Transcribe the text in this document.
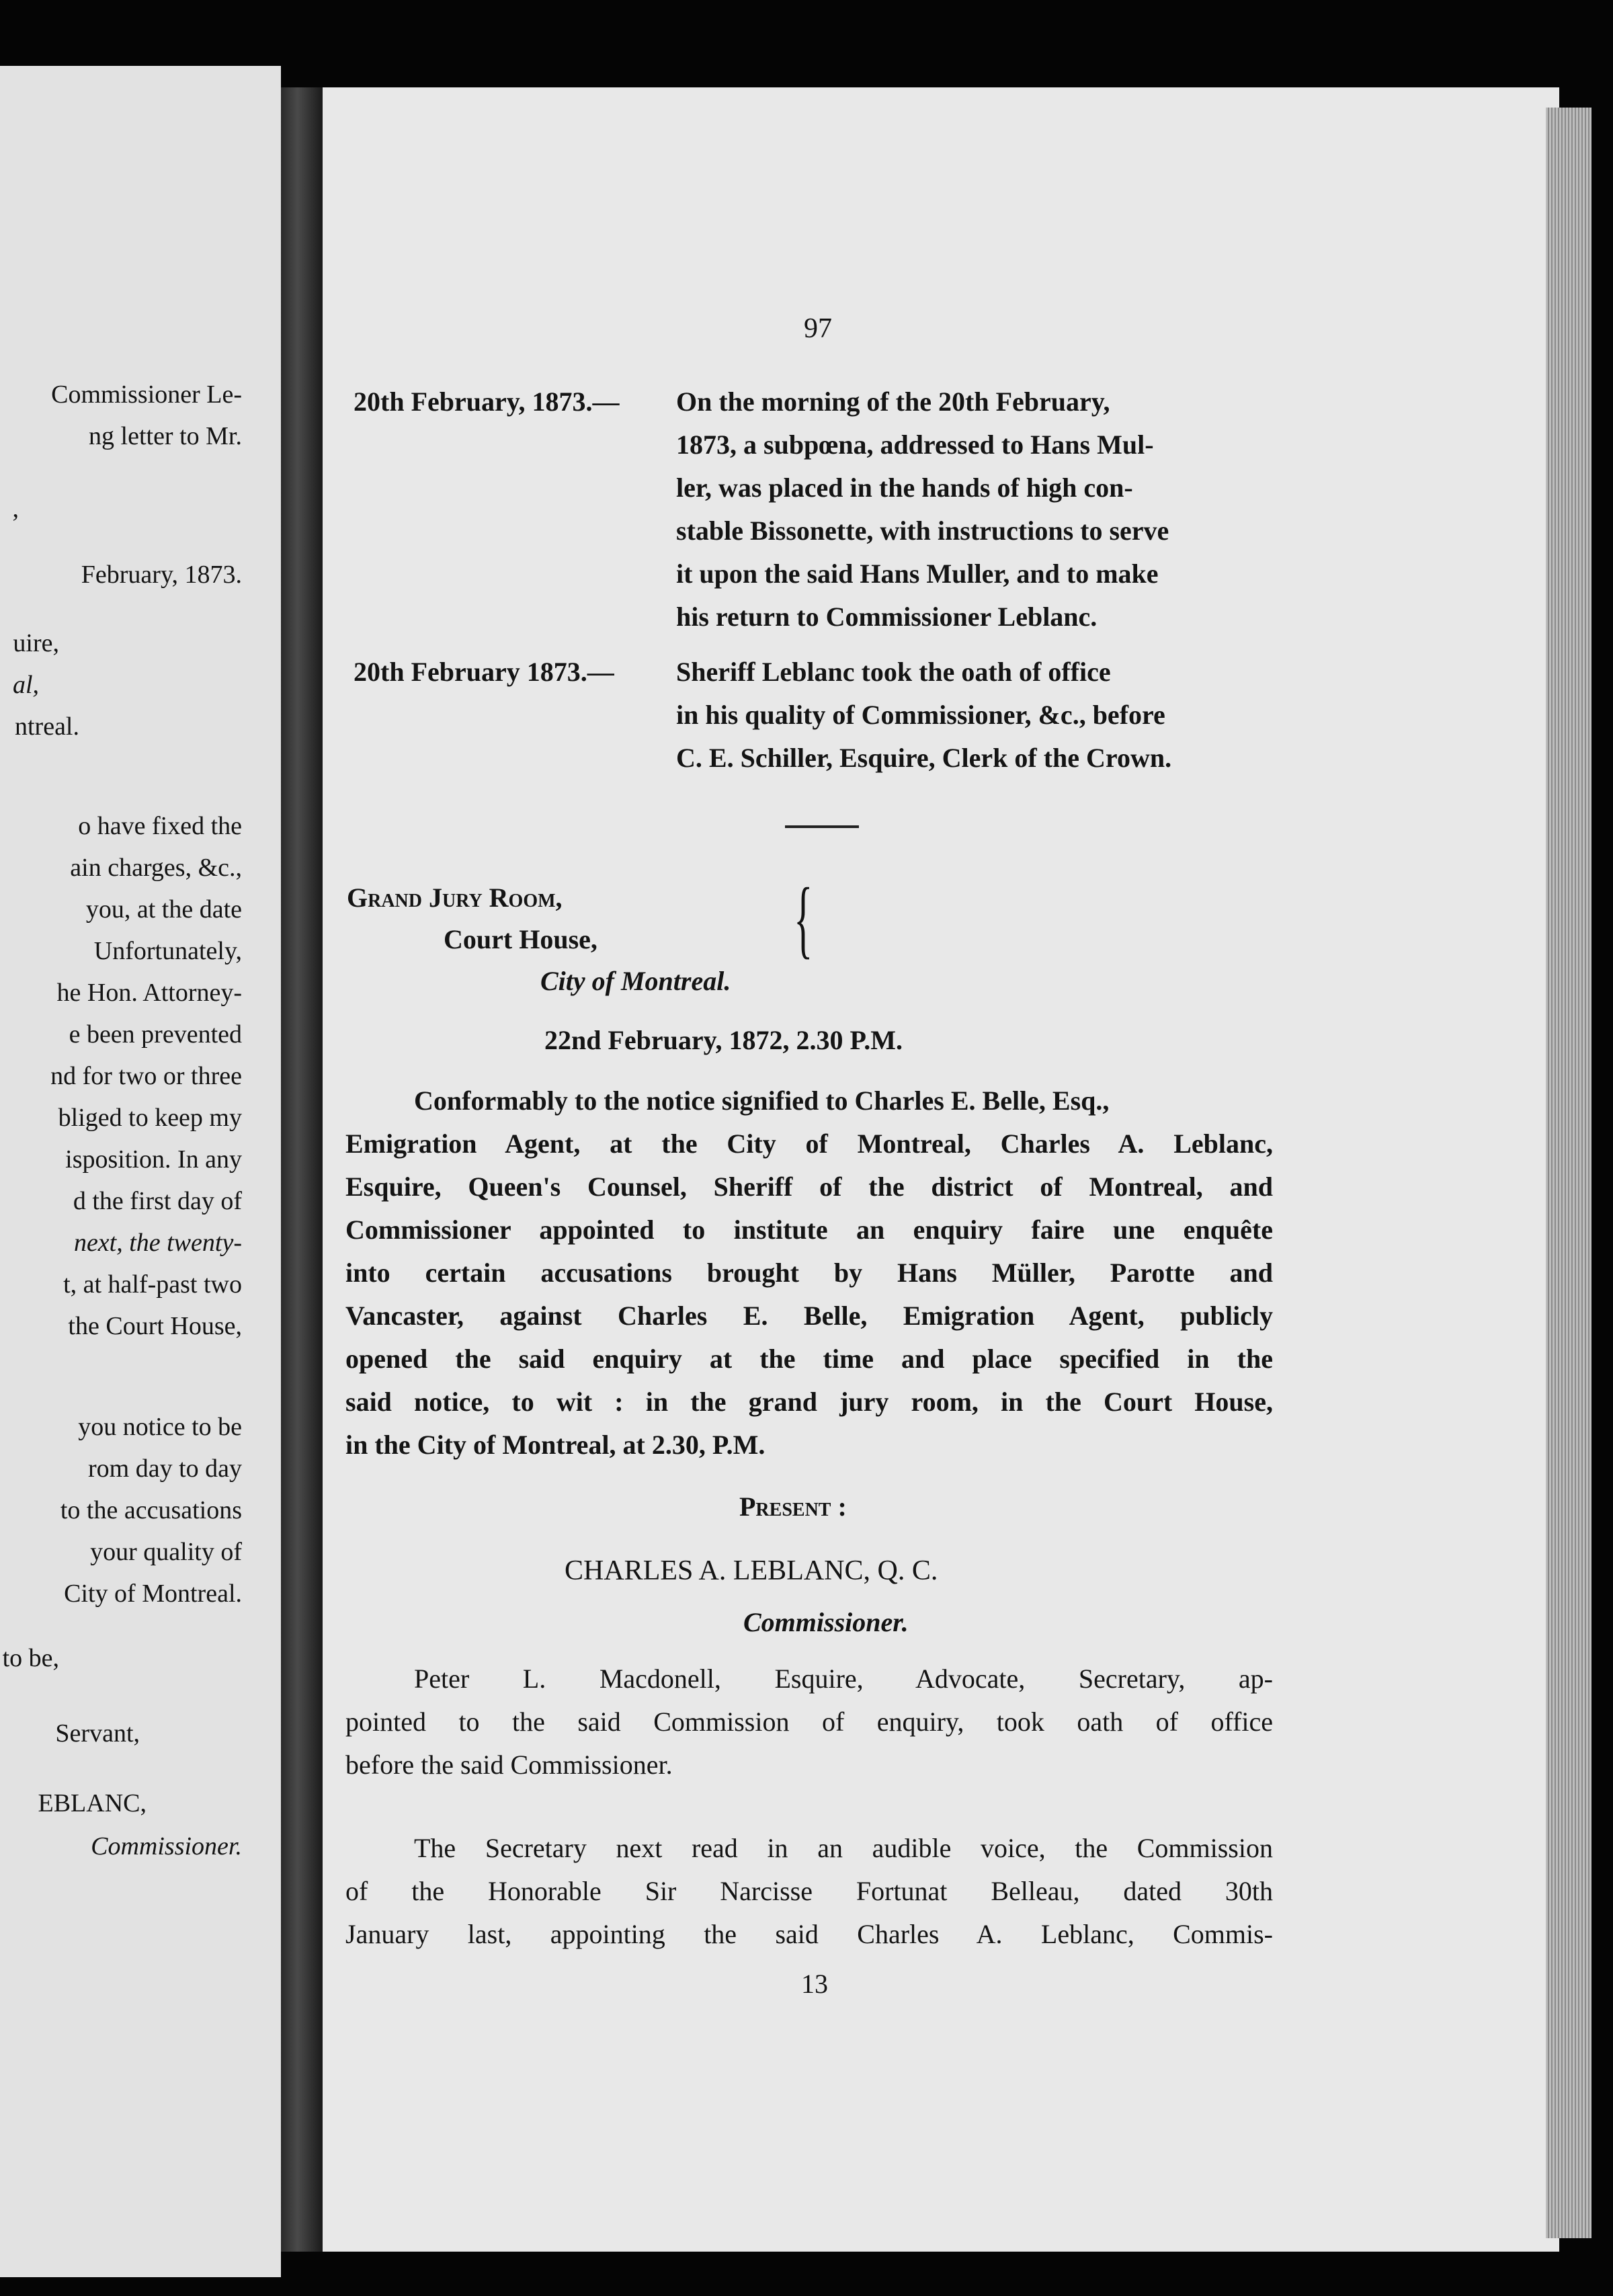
Commissioner Le-
ng letter to Mr.
,
February, 1873.
uire,
al,
ntreal.
o have fixed the
ain charges, &c.,
you, at the date
Unfortunately,
he Hon. Attorney-
e been prevented
nd for two or three
bliged to keep my
isposition. In any
d the first day of
next, the twenty-
t, at half-past two
the Court House,
you notice to be
rom day to day
to the accusations
your quality of
City of Montreal.
to be,
Servant,
EBLANC,
Commissioner.
97
20th February, 1873.— On the morning of the 20th February,
1873, a subpœna, addressed to Hans Mul-
ler, was placed in the hands of high con-
stable Bissonette, with instructions to serve
it upon the said Hans Muller, and to make
his return to Commissioner Leblanc.
20th February 1873.— Sheriff Leblanc took the oath of office
in his quality of Commissioner, &c., before
C. E. Schiller, Esquire, Clerk of the Crown.
Grand Jury Room,
Court House,
City of Montreal.
{
22nd February, 1872, 2.30 P.M.
Conformably to the notice signified to Charles E. Belle, Esq.,
Emigration Agent, at the City of Montreal, Charles A. Leblanc,
Esquire, Queen's Counsel, Sheriff of the district of Montreal, and
Commissioner appointed to institute an enquiry faire une enquête
into certain accusations brought by Hans Müller, Parotte and
Vancaster, against Charles E. Belle, Emigration Agent, publicly
opened the said enquiry at the time and place specified in the
said notice, to wit : in the grand jury room, in the Court House,
in the City of Montreal, at 2.30, P.M.
Present :
CHARLES A. LEBLANC, Q. C.
Commissioner.
Peter L. Macdonell, Esquire, Advocate, Secretary, ap-
pointed to the said Commission of enquiry, took oath of office
before the said Commissioner.
The Secretary next read in an audible voice, the Commission
of the Honorable Sir Narcisse Fortunat Belleau, dated 30th
January last, appointing the said Charles A. Leblanc, Commis-
13
